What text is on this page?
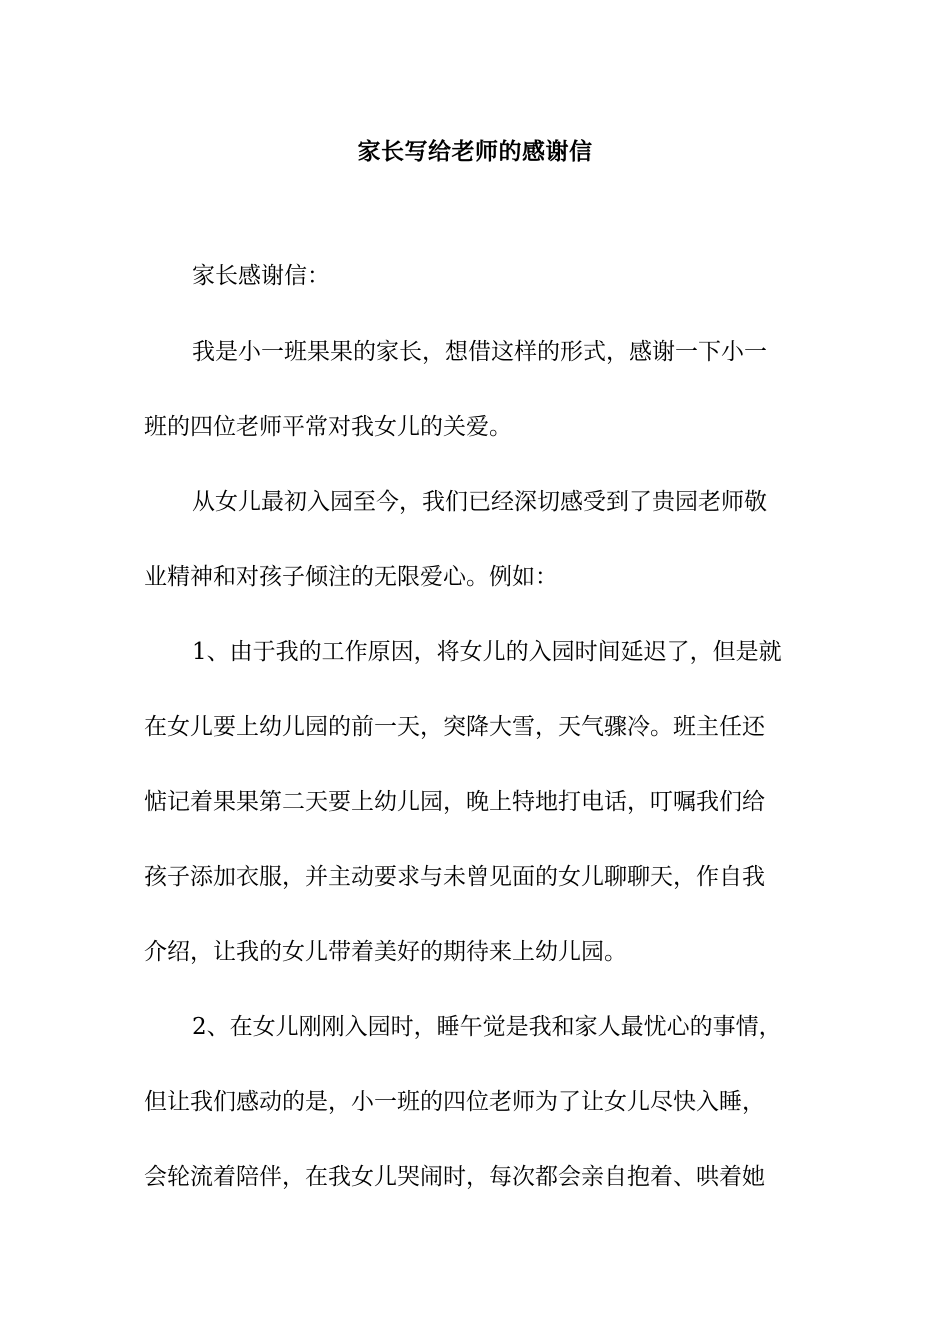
家长写给老师的感谢信
家长感谢信：
我是小一班果果的家长，想借这样的形式，感谢一下小一
班的四位老师平常对我女儿的关爱。
从女儿最初入园至今，我们已经深切感受到了贵园老师敬
业精神和对孩子倾注的无限爱心。例如：
1、由于我的工作原因，将女儿的入园时间延迟了，但是就
在女儿要上幼儿园的前一天，突降大雪，天气骤冷。班主任还
惦记着果果第二天要上幼儿园，晚上特地打电话，叮嘱我们给
孩子添加衣服，并主动要求与未曾见面的女儿聊聊天，作自我
介绍，让我的女儿带着美好的期待来上幼儿园。
2、在女儿刚刚入园时，睡午觉是我和家人最忧心的事情，
但让我们感动的是，小一班的四位老师为了让女儿尽快入睡，
会轮流着陪伴，在我女儿哭闹时，每次都会亲自抱着、哄着她
